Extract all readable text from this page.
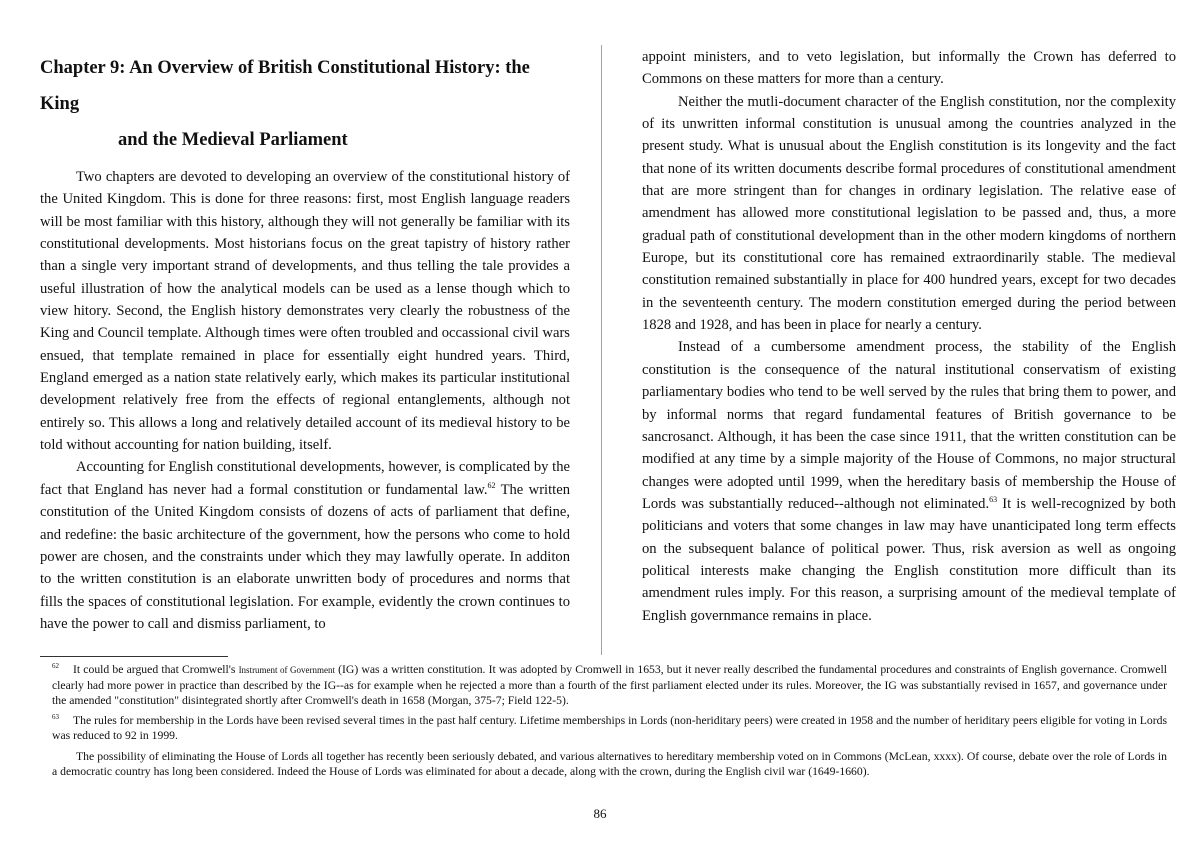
Chapter 9: An Overview of British Constitutional History: the King
and the Medieval Parliament

Two chapters are devoted to developing an overview of the constitutional history of the United Kingdom. This is done for three reasons: first, most English language readers will be most familiar with this history, although they will not generally be familiar with its constitutional developments. Most historians focus on the great tapistry of history rather than a single very important strand of developments, and thus telling the tale provides a useful illustration of how the analytical models can be used as a lense though which to view hitory. Second, the English history demonstrates very clearly the robustness of the King and Council template. Although times were often troubled and occassional civil wars ensued, that template remained in place for essentially eight hundred years. Third, England emerged as a nation state relatively early, which makes its particular institutional development relatively free from the effects of regional entanglements, although not entirely so. This allows a long and relatively detailed account of its medieval history to be told without accounting for nation building, itself.

Accounting for English constitutional developments, however, is complicated by the fact that England has never had a formal constitution or fundamental law.$^{62}$ The written constitution of the United Kingdom consists of dozens of acts of parliament that define, and redefine: the basic architecture of the government, how the persons who come to hold power are chosen, and the constraints under which they may lawfully operate. In additon to the written constitution is an elaborate unwritten body of procedures and norms that fills the spaces of constitutional legislation. For example, evidently the crown continues to have the power to call and dismiss parliament, to

appoint ministers, and to veto legislation, but informally the Crown has deferred to Commons on these matters for more than a century.

Neither the mutli-document character of the English constitution, nor the complexity of its unwritten informal constitution is unusual among the countries analyzed in the present study. What is unusual about the English constitution is its longevity and the fact that none of its written documents describe formal procedures of constitutional amendment that are more stringent than for changes in ordinary legislation. The relative ease of amendment has allowed more constitutional legislation to be passed and, thus, a more gradual path of constitutional development than in the other modern kingdoms of northern Europe, but its constitutional core has remained extraordinarily stable. The medieval constitution remained substantially in place for 400 hundred years, except for two decades in the seventeenth century. The modern constitution emerged during the period between 1828 and 1928, and has been in place for nearly a century.

Instead of a cumbersome amendment process, the stability of the English constitution is the consequence of the natural institutional conservatism of existing parliamentary bodies who tend to be well served by the rules that bring them to power, and by informal norms that regard fundamental features of British governance to be sancrosanct. Although, it has been the case since 1911, that the written constitution can be modified at any time by a simple majority of the House of Commons, no major structural changes were adopted until 1999, when the hereditary basis of membership the House of Lords was substantially reduced--although not eliminated.$^{63}$ It is well-recognized by both politicians and voters that some changes in law may have unanticipated long term effects on the subsequent balance of political power. Thus, risk aversion as well as ongoing political interests make changing the English constitution more difficult than its amendment rules imply. For this reason, a surprising amount of the medieval template of English governmance remains in place.

$^{62}$ It could be argued that Cromwell's Instrument of Government (IG) was a written constitution. It was adopted by Cromwell in 1653, but it never really described the fundamental procedures and constraints of English governance. Cromwell clearly had more power in practice than described by the IG--as for example when he rejected a more than a fourth of the first parliament elected under its rules. Moreover, the IG was substantially revised in 1657, and governance under the amended "constitution" disintegrated shortly after Cromwell's death in 1658 (Morgan, 375-7; Field 122-5).

$^{63}$ The rules for membership in the Lords have been revised several times in the past half century. Lifetime memberships in Lords (non-heriditary peers) were created in 1958 and the number of heriditary peers eligible for voting in Lords was reduced to 92 in 1999.

The possibility of eliminating the House of Lords all together has recently been seriously debated, and various alternatives to hereditary membership voted on in Commons (McLean, xxxx). Of course, debate over the role of Lords in a democratic country has long been considered. Indeed the House of Lords was eliminated for about a decade, along with the crown, during the English civil war (1649-1660).

86
